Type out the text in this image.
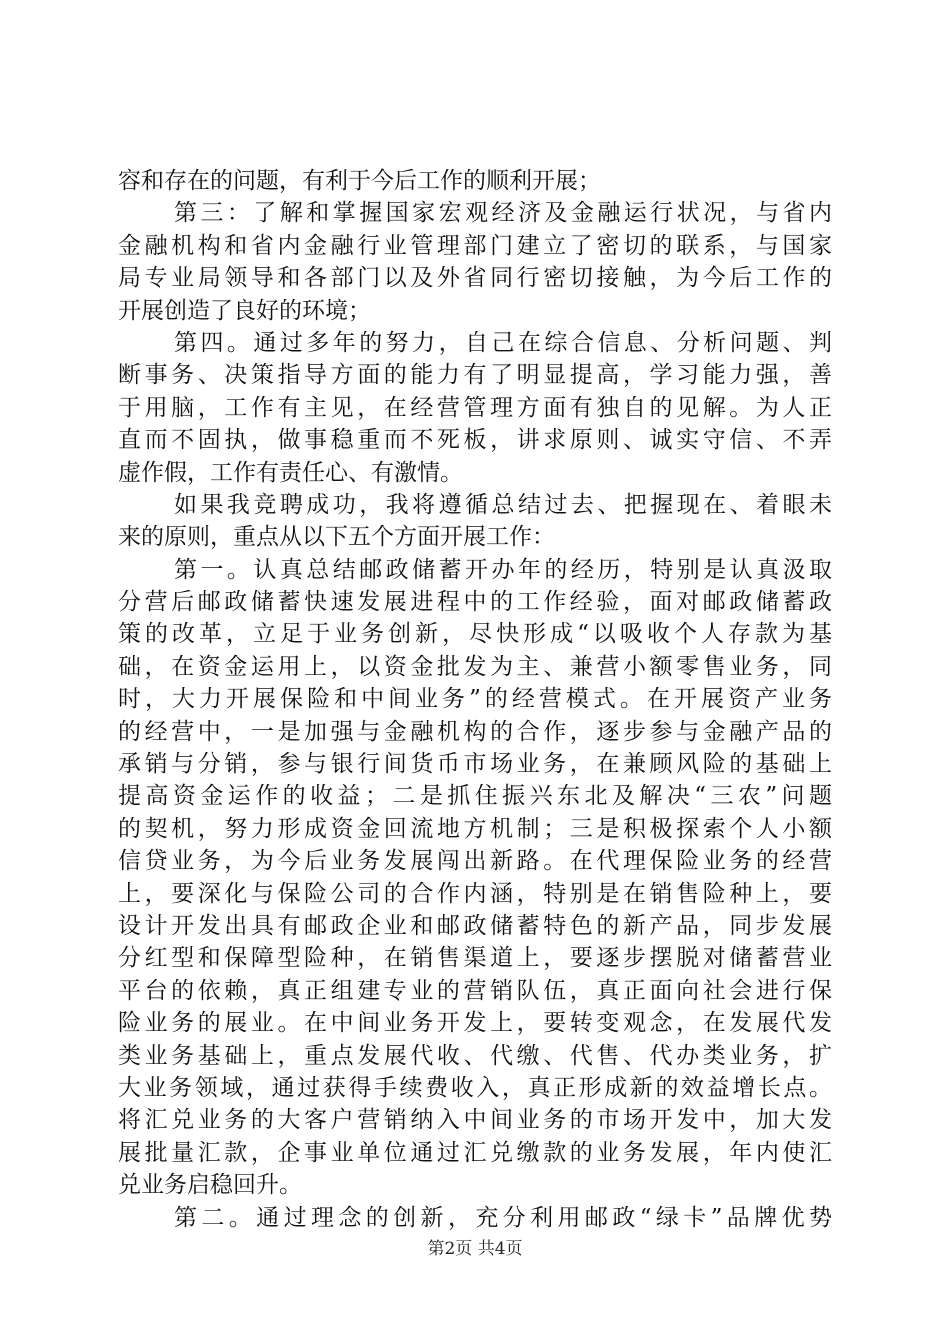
容和存在的问题，有利于今后工作的顺利开展；
第三：了解和掌握国家宏观经济及金融运行状况，与省内
金融机构和省内金融行业管理部门建立了密切的联系，与国家
局专业局领导和各部门以及外省同行密切接触，为今后工作的
开展创造了良好的环境；
第四。通过多年的努力，自己在综合信息、分析问题、判
断事务、决策指导方面的能力有了明显提高，学习能力强，善
于用脑，工作有主见，在经营管理方面有独自的见解。为人正
直而不固执，做事稳重而不死板，讲求原则、诚实守信、不弄
虚作假，工作有责任心、有激情。
如果我竞聘成功，我将遵循总结过去、把握现在、着眼未
来的原则，重点从以下五个方面开展工作：
第一。认真总结邮政储蓄开办年的经历，特别是认真汲取
分营后邮政储蓄快速发展进程中的工作经验，面对邮政储蓄政
策的改革，立足于业务创新，尽快形成“以吸收个人存款为基
础，在资金运用上，以资金批发为主、兼营小额零售业务，同
时，大力开展保险和中间业务”的经营模式。在开展资产业务
的经营中，一是加强与金融机构的合作，逐步参与金融产品的
承销与分销，参与银行间货币市场业务，在兼顾风险的基础上
提高资金运作的收益；二是抓住振兴东北及解决“三农”问题
的契机，努力形成资金回流地方机制；三是积极探索个人小额
信贷业务，为今后业务发展闯出新路。在代理保险业务的经营
上，要深化与保险公司的合作内涵，特别是在销售险种上，要
设计开发出具有邮政企业和邮政储蓄特色的新产品，同步发展
分红型和保障型险种，在销售渠道上，要逐步摆脱对储蓄营业
平台的依赖，真正组建专业的营销队伍，真正面向社会进行保
险业务的展业。在中间业务开发上，要转变观念，在发展代发
类业务基础上，重点发展代收、代缴、代售、代办类业务，扩
大业务领域，通过获得手续费收入，真正形成新的效益增长点。
将汇兑业务的大客户营销纳入中间业务的市场开发中，加大发
展批量汇款，企事业单位通过汇兑缴款的业务发展，年内使汇
兑业务启稳回升。
第二。通过理念的创新，充分利用邮政“绿卡”品牌优势
第2页 共4页
